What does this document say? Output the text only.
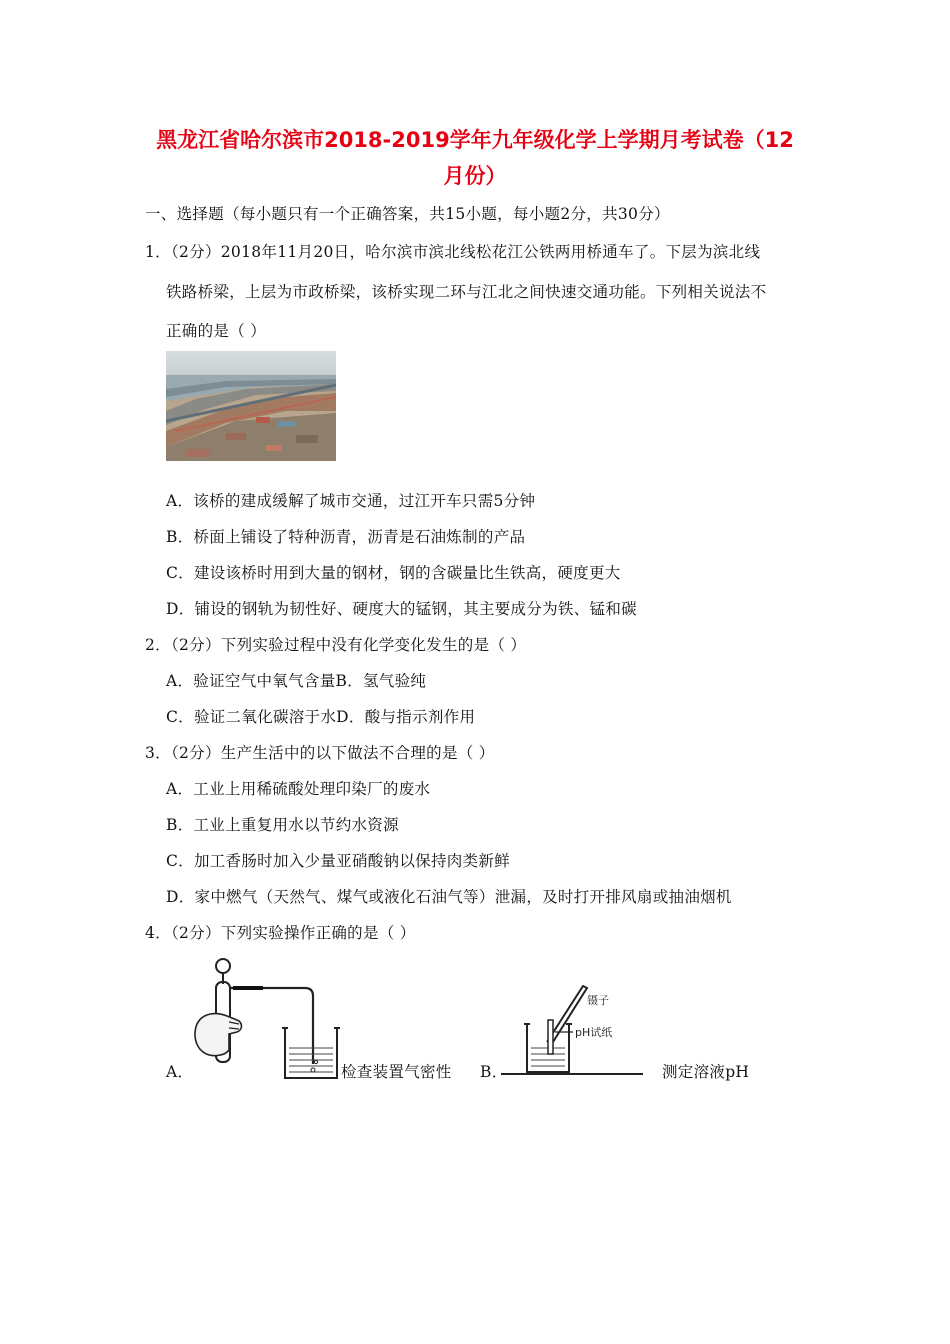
黑龙江省哈尔滨市2018-2019学年九年级化学上学期月考试卷（12
月份）
一、选择题（每小题只有一个正确答案，共15小题，每小题2分，共30分）
1．（2分）2018年11月20日，哈尔滨市滨北线松花江公铁两用桥通车了。下层为滨北线
铁路桥梁，上层为市政桥梁，该桥实现二环与江北之间快速交通功能。下列相关说法不
正确的是（ ）
A．该桥的建成缓解了城市交通，过江开车只需5分钟
B．桥面上铺设了特种沥青，沥青是石油炼制的产品
C．建设该桥时用到大量的钢材，钢的含碳量比生铁高，硬度更大
D．铺设的钢轨为韧性好、硬度大的锰钢，其主要成分为铁、锰和碳
2．（2分）下列实验过程中没有化学变化发生的是（ ）
A．验证空气中氧气含量B．氢气验纯
C．验证二氧化碳溶于水D．酸与指示剂作用
3．（2分）生产生活中的以下做法不合理的是（ ）
A．工业上用稀硫酸处理印染厂的废水
B．工业上重复用水以节约水资源
C．加工香肠时加入少量亚硝酸钠以保持肉类新鲜
D．家中燃气（天然气、煤气或液化石油气等）泄漏，及时打开排风扇或抽油烟机
4．（2分）下列实验操作正确的是（ ）
A．	检查装置气密性 B．
镊子
pH试纸
测定溶液pH
